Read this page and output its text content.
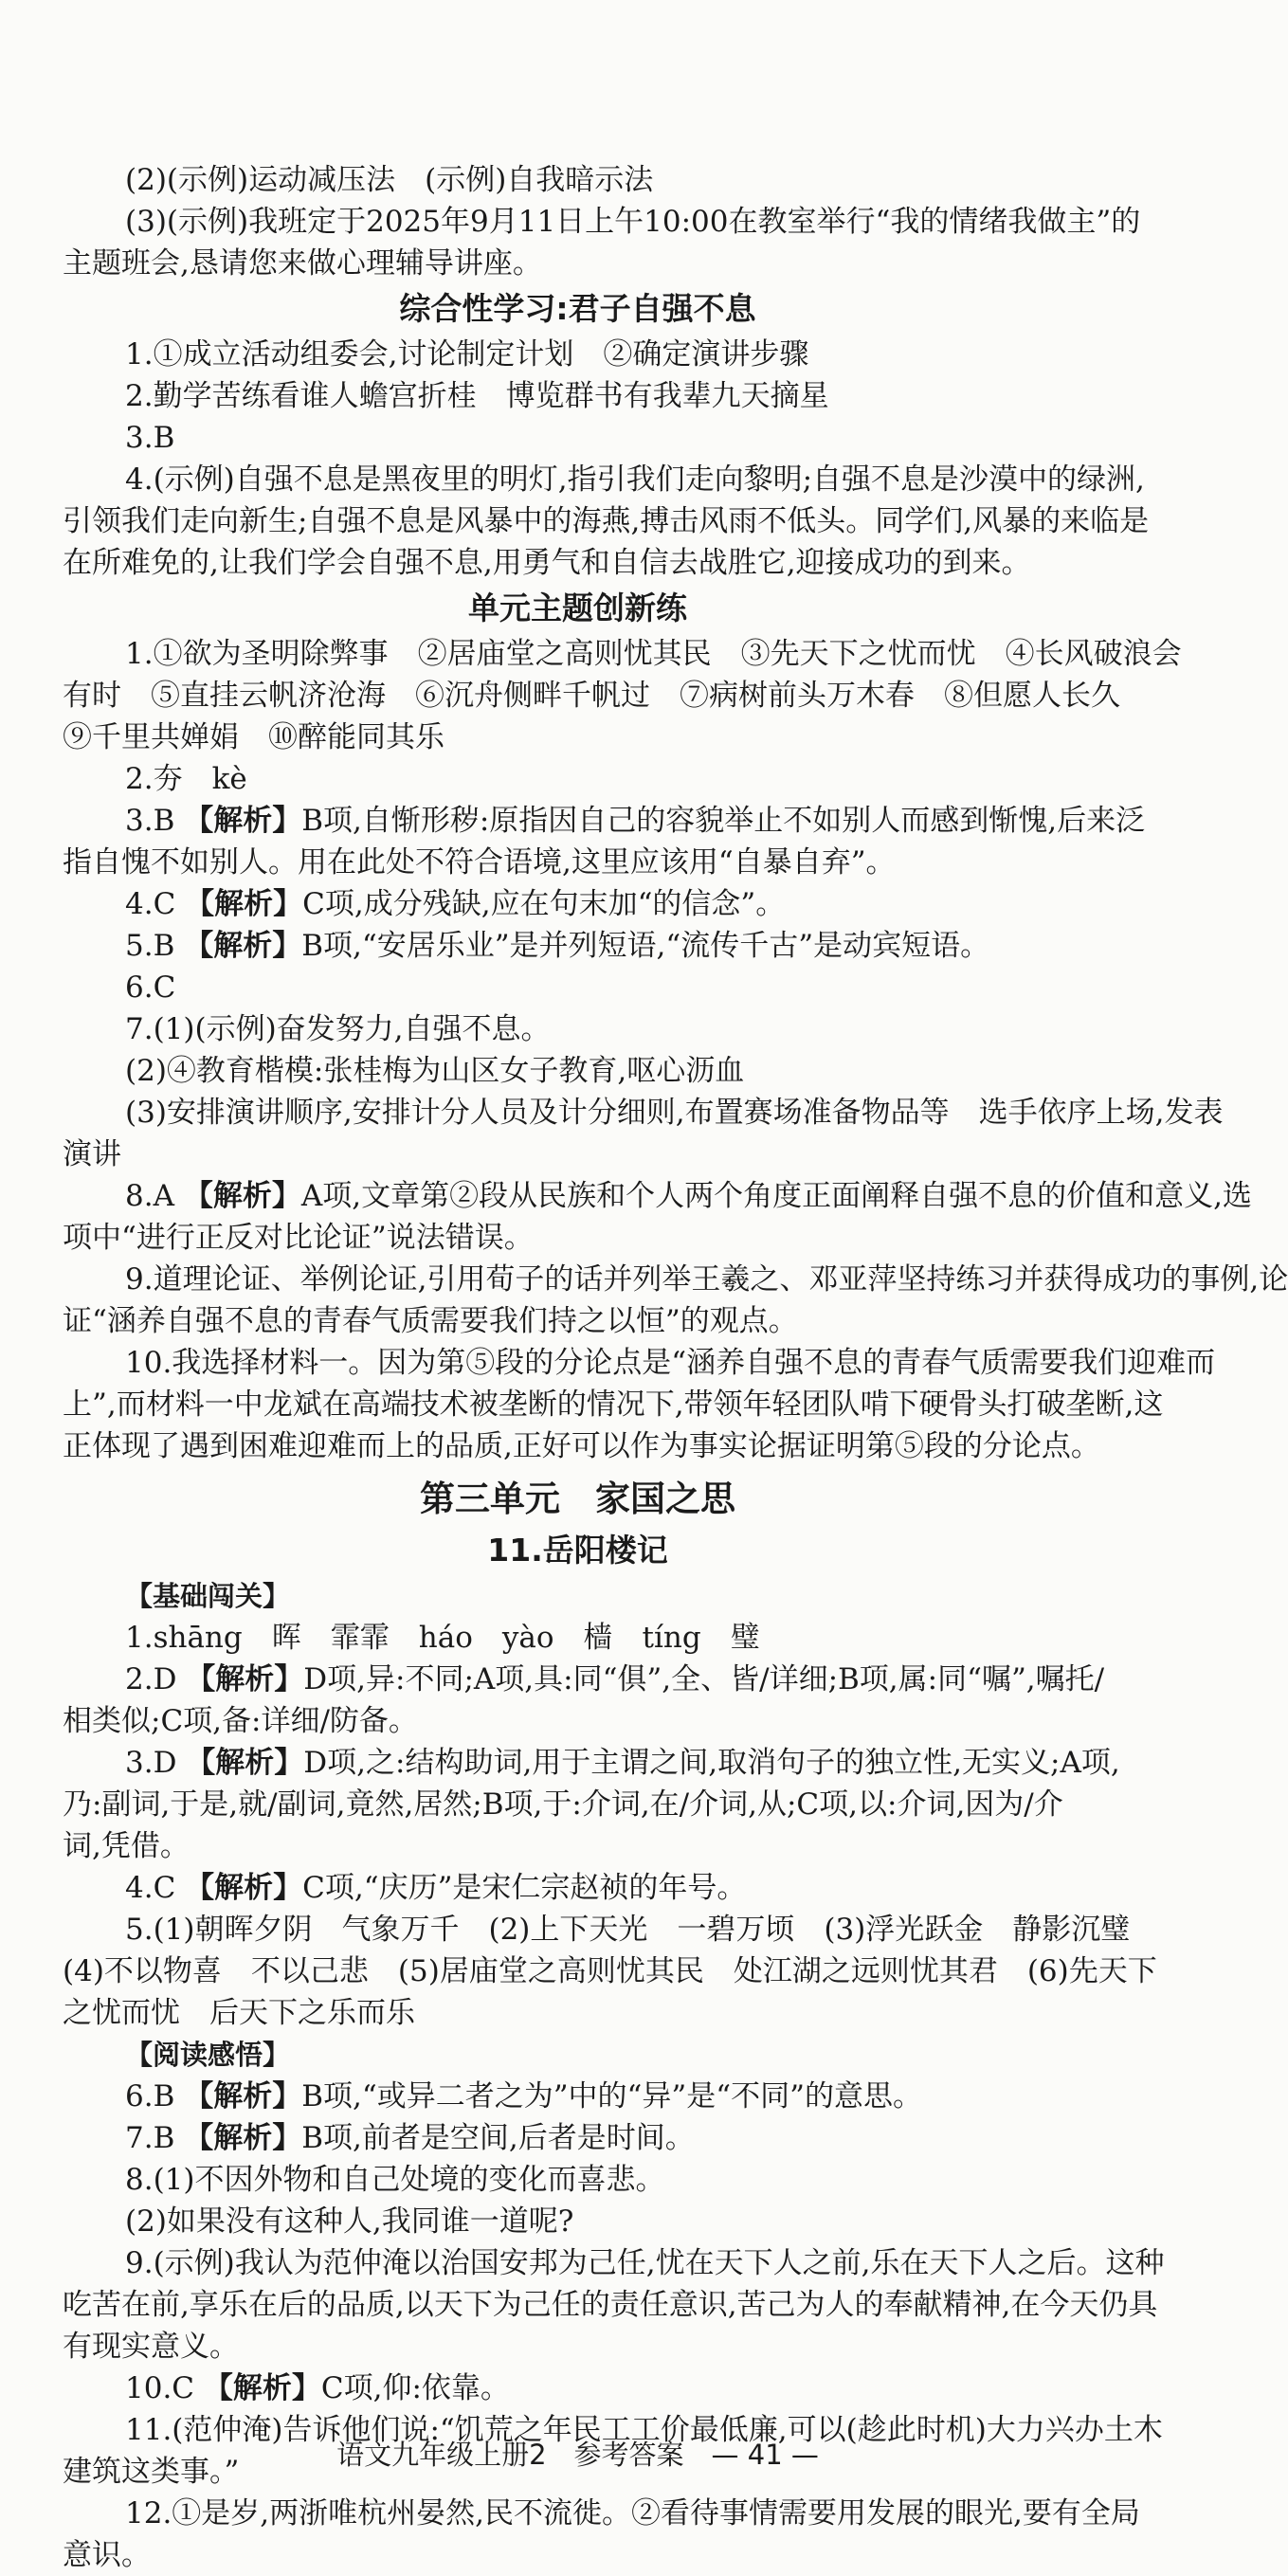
(2)(示例)运动减压法　(示例)自我暗示法
(3)(示例)我班定于2025年9月11日上午10:00在教室举行“我的情绪我做主”的
主题班会,恳请您来做心理辅导讲座。
综合性学习:君子自强不息
1.①成立活动组委会,讨论制定计划　②确定演讲步骤
2.勤学苦练看谁人蟾宫折桂　博览群书有我辈九天摘星
3.B
4.(示例)自强不息是黑夜里的明灯,指引我们走向黎明;自强不息是沙漠中的绿洲,
引领我们走向新生;自强不息是风暴中的海燕,搏击风雨不低头。同学们,风暴的来临是
在所难免的,让我们学会自强不息,用勇气和自信去战胜它,迎接成功的到来。
单元主题创新练
1.①欲为圣明除弊事　②居庙堂之高则忧其民　③先天下之忧而忧　④长风破浪会
有时　⑤直挂云帆济沧海　⑥沉舟侧畔千帆过　⑦病树前头万木春　⑧但愿人长久
⑨千里共婵娟　⑩醉能同其乐
2.夯　kè
3.B 【解析】B项,自惭形秽:原指因自己的容貌举止不如别人而感到惭愧,后来泛
指自愧不如别人。用在此处不符合语境,这里应该用“自暴自弃”。
4.C 【解析】C项,成分残缺,应在句末加“的信念”。
5.B 【解析】B项,“安居乐业”是并列短语,“流传千古”是动宾短语。
6.C
7.(1)(示例)奋发努力,自强不息。
(2)④教育楷模:张桂梅为山区女子教育,呕心沥血
(3)安排演讲顺序,安排计分人员及计分细则,布置赛场准备物品等　选手依序上场,发表
演讲
8.A 【解析】A项,文章第②段从民族和个人两个角度正面阐释自强不息的价值和意义,选
项中“进行正反对比论证”说法错误。
9.道理论证、举例论证,引用荀子的话并列举王羲之、邓亚萍坚持练习并获得成功的事例,论
证“涵养自强不息的青春气质需要我们持之以恒”的观点。
10.我选择材料一。因为第⑤段的分论点是“涵养自强不息的青春气质需要我们迎难而
上”,而材料一中龙斌在高端技术被垄断的情况下,带领年轻团队啃下硬骨头打破垄断,这
正体现了遇到困难迎难而上的品质,正好可以作为事实论据证明第⑤段的分论点。
第三单元　家国之思
11.岳阳楼记
【基础闯关】
1.shāng　晖　霏霏　háo　yào　樯　tíng　璧
2.D 【解析】D项,异:不同;A项,具:同“俱”,全、皆/详细;B项,属:同“嘱”,嘱托/
相类似;C项,备:详细/防备。
3.D 【解析】D项,之:结构助词,用于主谓之间,取消句子的独立性,无实义;A项,
乃:副词,于是,就/副词,竟然,居然;B项,于:介词,在/介词,从;C项,以:介词,因为/介
词,凭借。
4.C 【解析】C项,“庆历”是宋仁宗赵祯的年号。
5.(1)朝晖夕阴　气象万千　(2)上下天光　一碧万顷　(3)浮光跃金　静影沉璧
(4)不以物喜　不以己悲　(5)居庙堂之高则忧其民　处江湖之远则忧其君　(6)先天下
之忧而忧　后天下之乐而乐
【阅读感悟】
6.B 【解析】B项,“或异二者之为”中的“异”是“不同”的意思。
7.B 【解析】B项,前者是空间,后者是时间。
8.(1)不因外物和自己处境的变化而喜悲。
(2)如果没有这种人,我同谁一道呢?
9.(示例)我认为范仲淹以治国安邦为己任,忧在天下人之前,乐在天下人之后。这种
吃苦在前,享乐在后的品质,以天下为己任的责任意识,苦己为人的奉献精神,在今天仍具
有现实意义。
10.C 【解析】C项,仰:依靠。
11.(范仲淹)告诉他们说:“饥荒之年民工工价最低廉,可以(趁此时机)大力兴办土木
建筑这类事。”
12.①是岁,两浙唯杭州晏然,民不流徙。②看待事情需要用发展的眼光,要有全局
意识。
语文九年级上册2　参考答案　— 41 —
